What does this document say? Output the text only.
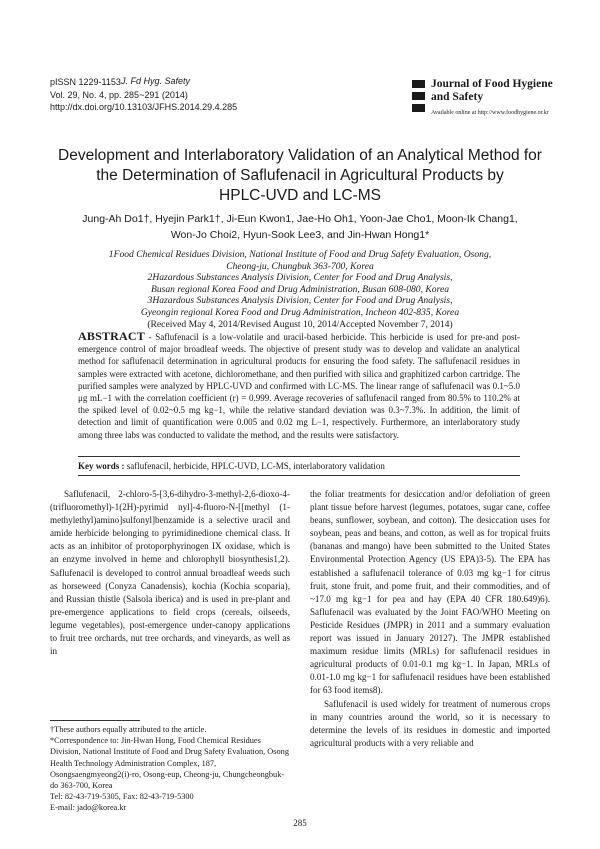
pISSN 1229-1153
Vol. 29, No. 4, pp. 285~291 (2014)
http://dx.doi.org/10.13103/JFHS.2014.29.4.285
J. Fd Hyg. Safety	Journal of Food Hygiene
and Safety
Available online at http://www.foodhygiene.or.kr
Development and Interlaboratory Validation of an Analytical Method for
the Determination of Saflufenacil in Agricultural Products by
HPLC-UVD and LC-MS
Jung-Ah Do1†, Hyejin Park1†, Ji-Eun Kwon1, Jae-Ho Oh1, Yoon-Jae Cho1, Moon-Ik Chang1,
Won-Jo Choi2, Hyun-Sook Lee3, and Jin-Hwan Hong1*
1Food Chemical Residues Division, National Institute of Food and Drug Safety Evaluation, Osong,
Cheong-ju, Chungbuk 363-700, Korea
2Hazardous Substances Analysis Division, Center for Food and Drug Analysis,
Busan regional Korea Food and Drug Administration, Busan 608-080, Korea
3Hazardous Substances Analysis Division, Center for Food and Drug Analysis,
Gyeongin regional Korea Food and Drug Administration, Incheon 402-835, Korea
(Received May 4, 2014/Revised August 10, 2014/Accepted November 7, 2014)
ABSTRACT - Saflufenacil is a low-volatile and uracil-based herbicide. This herbicide is used for pre-and post-emergence control of major broadleaf weeds. The objective of present study was to develop and validate an analytical method for saflufenacil determination in agricultural products for ensuring the food safety. The saflufenacil residues in samples were extracted with acetone, dichloromethane, and then purified with silica and graphitized carbon cartridge. The purified samples were analyzed by HPLC-UVD and confirmed with LC-MS. The linear range of saflufenacil was 0.1~5.0 μg mL−1 with the correlation coefficient (r) = 0.999. Average recoveries of saflufenacil ranged from 80.5% to 110.2% at the spiked level of 0.02~0.5 mg kg−1, while the relative standard deviation was 0.3~7.3%. In addition, the limit of detection and limit of quantification were 0.005 and 0.02 mg L−1, respectively. Furthermore, an interlaboratory study among three labs was conducted to validate the method, and the results were satisfactory.
Key words : saflufenacil, herbicide, HPLC-UVD, LC-MS, interlaboratory validation

Saflufenacil, 2-chloro-5-[3,6-dihydro-3-methyl-2,6-dioxo-4-(trifluoromethyl)-1(2H)-pyrimid nyl]-4-fluoro-N-[[methyl (1-methylethyl)amino]sulfonyl]benzamide is a selective uracil and amide herbicide belonging to pyrimidinedione chemical class. It acts as an inhibitor of protoporphyrinogen IX oxidase, which is an enzyme involved in heme and chlorophyll biosynthesis1,2). Saflufenacil is developed to control annual broadleaf weeds such as horseweed (Conyza Canadensis), kochia (Kochia scoparia), and Russian thistle (Salsola iberica) and is used in pre-plant and pre-emergence applications to field crops (cereals, oilseeds, legume vegetables), post-emergence under-canopy applications to fruit tree orchards, nut tree orchards, and vineyards, as well as in

the foliar treatments for desiccation and/or defoliation of green plant tissue before harvest (legumes, potatoes, sugar cane, coffee beans, sunflower, soybean, and cotton). The desiccation uses for soybean, peas and beans, and cotton, as well as for tropical fruits (bananas and mango) have been submitted to the United States Environmental Protection Agency (US EPA)3-5). The EPA has established a saflufenacil tolerance of 0.03 mg kg−1 for citrus fruit, stone fruit, and pome fruit, and their commodities, and of ~17.0 mg kg−1 for pea and hay (EPA 40 CFR 180.649)6). Saflufenacil was evaluated by the Joint FAO/WHO Meeting on Pesticide Residues (JMPR) in 2011 and a summary evaluation report was issued in January 20127). The JMPR established maximum residue limits (MRLs) for saflufenacil residues in agricultural products of 0.01-0.1 mg kg−1. In Japan, MRLs of 0.01-1.0 mg kg−1 for saflufenacil residues have been established for 63 food items8).

Saflufenacil is used widely for treatment of numerous crops in many countries around the world, so it is necessary to determine the levels of its residues in domestic and imported agricultural products with a very reliable and

†These authors equally attributed to the article.
*Correspondence to: Jin-Hwan Hong, Food Chemical Residues Division, National Institute of Food and Drug Safety Evaluation, Osong Health Technology Administration Complex, 187, Osongsaengmyeong2(i)-ro, Osong-eup, Cheong-ju, Chungcheongbuk-do 363-700, Korea
Tel: 82-43-719-5305, Fax: 82-43-719-5300
E-mail: jado@korea.kr
285
